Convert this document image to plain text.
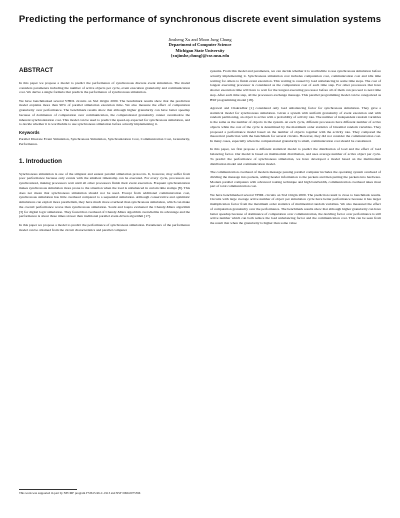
Predicting the performance of synchronous discrete event simulation systems
Jinsheng Xu and Moon Jung Chung
Department of Computer Science
Michigan State University
{xujinshe,chung}@cse.msu.edu
ABSTRACT

In this paper we propose a model to predict the performance of synchronous discrete event simulation. The model considers parameters including the number of active objects per cycle, event execution granularity and communication cost. We derive a single formula that predicts the performance of synchronous simulation.

We have benchmarked several VHDL circuits on SGI Origin 2000. The benchmark results show that the prediction model explains more than 90% of parallel simulation execution time. We also measure the effect of computation granularity over performance. The benchmark results show that although higher granularity can have better speedup because of dominance of computation over communication, the computational granularity cannot overshadow the inherent synchronization cost. This model can be used to predict the speed-up expected for synchronous simulation, and to decide whether it is worthwhile to use synchronous simulation before actually implementing it.

Keywords

Parallel Discrete Event Simulation, Synchronous Simulation, Synchronization Cost, Communication Cost, Granularity, Performance.

1. Introduction

Synchronous simulation is one of the simplest and easiest parallel simulation protocols. It, however, may suffer from poor performance because only events with the smallest timestamp can be executed. For every cycle, processors are synchronized, making processors wait until all other processors finish their event execution. Frequent synchronization makes synchronous simulation more prone to the situation when the load is unbalanced in certain time stamps [8]. This does not mean that synchronous simulation should not be used. Except from additional communication cost, synchronous simulation has little overhead compared to a sequential simulation. Although conservative and optimistic simulations can exploit more parallelism, they have much more overhead than synchronous simulation, which can make the overall performance worse than synchronous simulation. Soulé and Gupta evaluated the Chandy-Misra algorithm [3] for digital logic simulation. They found that overhead of Chandy-Misra algorithm overwhelms its advantage and the performance is about three times slower than traditional parallel event-driven algorithm [17].

In this paper we propose a model to predict the performance of synchronous simulation. Parameters of the performance model can be obtained from the circuit characteristics and parallel computer

This work was supported in part by NFCMF program F53615-96-C-1913 and NSF DMI-0075596

systems. From this model and parameters, we can decide whether it is worthwhile to use synchronous simulation before actually implementing it. Synchronous simulation cost includes computation cost, communication cost and idle time waiting for others to finish event execution. This waiting is caused by load unbalancing in some time steps. The cost of longest executing processor is considered as the computation cost of each time step. For other processors that have shorter execution time will have to wait for the longest executing processor before all of them can proceed to next time step. After each time step, all the processors exchange message. This parallel programming model can be categorized as BSP programming model [18].

Agrawal and Chakradhar [1] considered only load unbalancing factor for synchronous simulation. They gave a statistical model for synchronous simulation. Given a system with uniform granularity of event execution and with random partitioning, an object is active with a probability of activity rate. The number of independent random variables is the same as the number of objects in the system. At each cycle, different processors have different number of active objects while the cost of the cycle is determined by the maximum order statistics of binomial random variables. They proposed a performance model based on the number of objects together with the activity rate. They compared the theoretical prediction with the benchmark for several circuits. However, they did not consider the communication cost. In many cases, especially when the computational granularity is small, communication cost should be considered.

In this paper, we first propose a different statistical model to predict the distribution of load and the effect of load balancing factor. Our model is based on multinomial distribution, and uses average number of active object per cycle. To predict the performance of synchronous simulation, we have developed a model based on the multinomial distribution model and communication model.

The communication overhead of modern message passing parallel computer includes the operating system overhead of dividing the message into packets, adding header information to the packets and then putting the packets into hardware. Modern parallel computers with advanced routing technique and high bandwidth, communication overhead takes most part of total communication cost.

We have benchmarked several VHDL circuits on SGI Origin 2000. The prediction result is close to benchmark results. Circuits with large average active number of object per simulation cycle have better performance because it has larger multiplication factor from the maximum order statistics of multinomial random variables. We also measured the effect of computation granularity over the performance. The benchmark results show that although higher granularity can have better speedup because of dominance of computation over communication, the deciding factor over performance is still active number which can both reduce the load unbalancing factor and the communication cost. This can be seen from the result that when the granularity is higher than some value
